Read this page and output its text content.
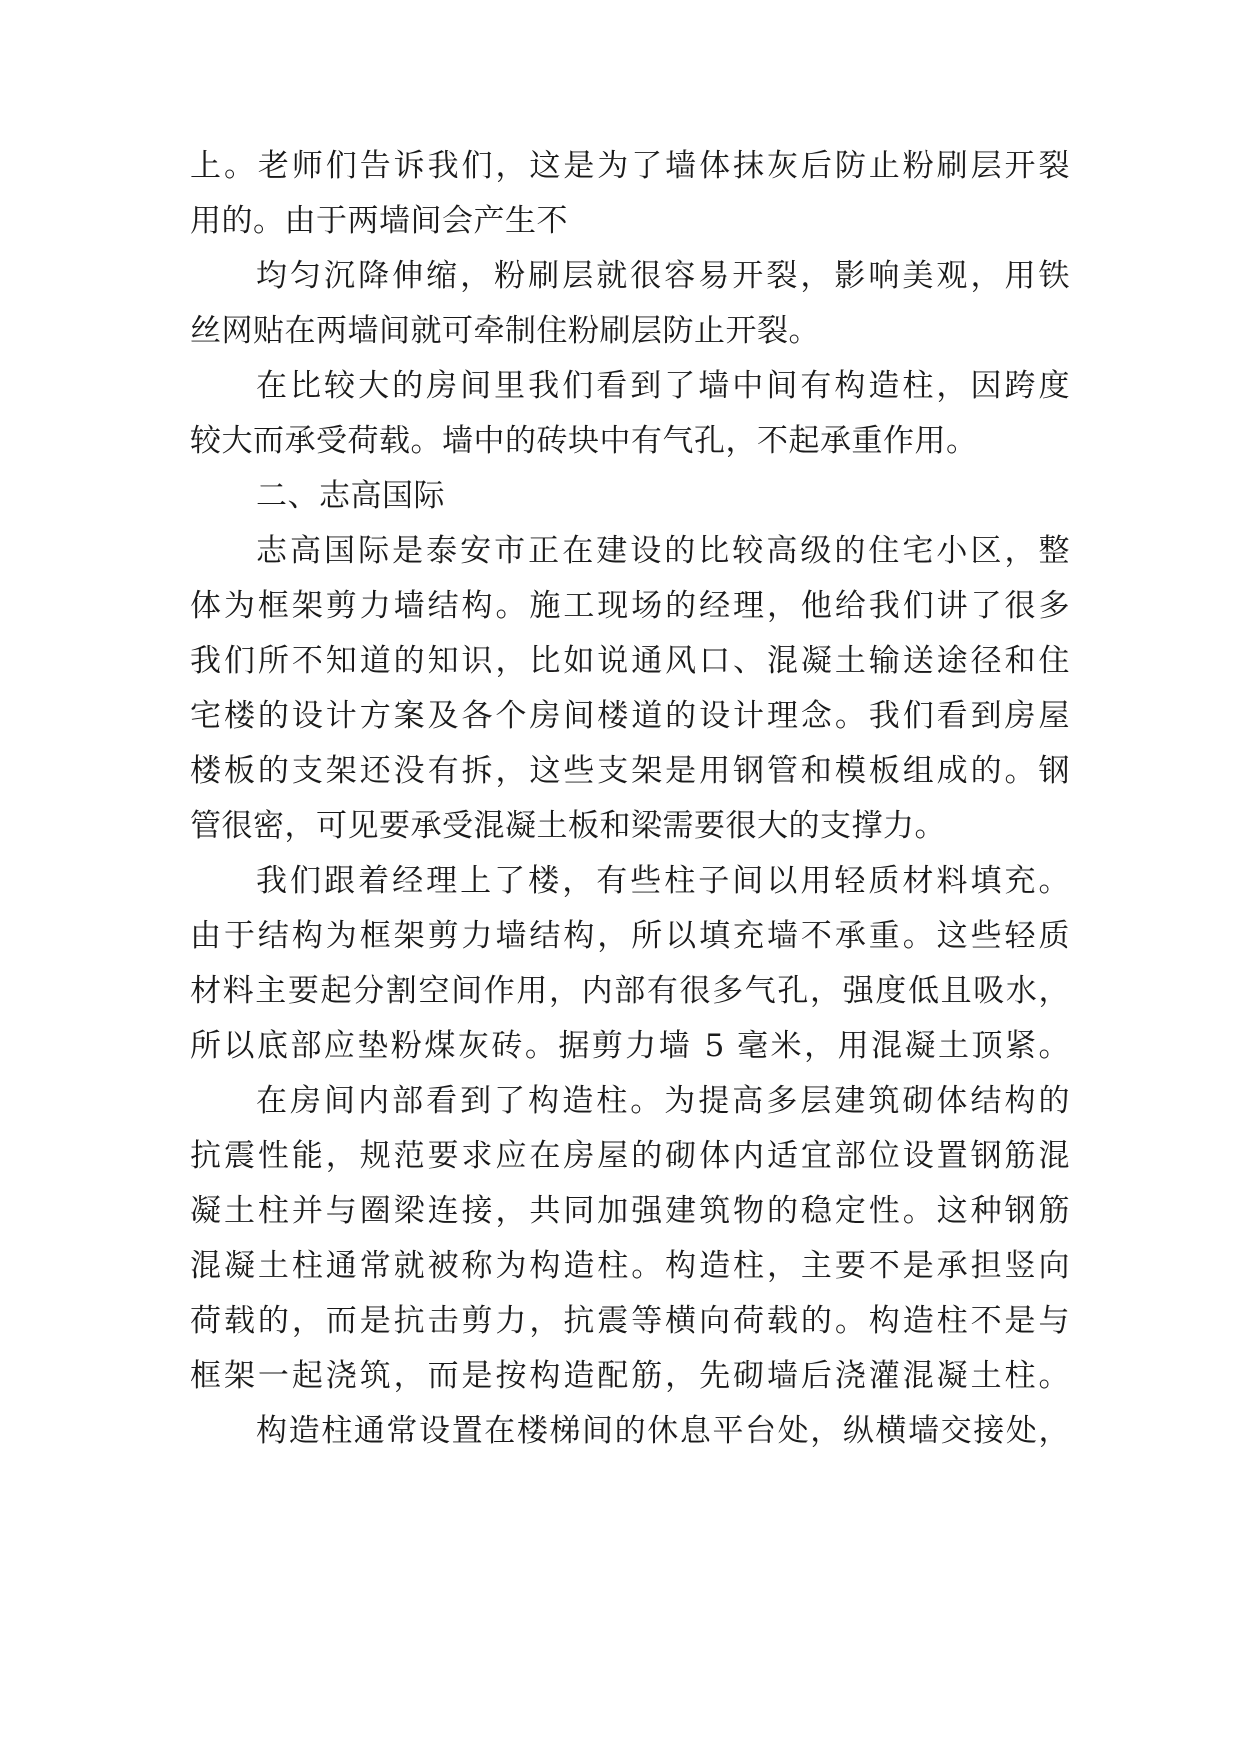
上。老师们告诉我们，这是为了墙体抹灰后防止粉刷层开裂
用的。由于两墙间会产生不
均匀沉降伸缩，粉刷层就很容易开裂，影响美观，用铁
丝网贴在两墙间就可牵制住粉刷层防止开裂。
在比较大的房间里我们看到了墙中间有构造柱，因跨度
较大而承受荷载。墙中的砖块中有气孔，不起承重作用。
二、志高国际
志高国际是泰安市正在建设的比较高级的住宅小区，整
体为框架剪力墙结构。施工现场的经理，他给我们讲了很多
我们所不知道的知识，比如说通风口、混凝土输送途径和住
宅楼的设计方案及各个房间楼道的设计理念。我们看到房屋
楼板的支架还没有拆，这些支架是用钢管和模板组成的。钢
管很密，可见要承受混凝土板和梁需要很大的支撑力。
我们跟着经理上了楼，有些柱子间以用轻质材料填充。
由于结构为框架剪力墙结构，所以填充墙不承重。这些轻质
材料主要起分割空间作用，内部有很多气孔，强度低且吸水，
所以底部应垫粉煤灰砖。据剪力墙 5 毫米，用混凝土顶紧。
在房间内部看到了构造柱。为提高多层建筑砌体结构的
抗震性能，规范要求应在房屋的砌体内适宜部位设置钢筋混
凝土柱并与圈梁连接，共同加强建筑物的稳定性。这种钢筋
混凝土柱通常就被称为构造柱。构造柱，主要不是承担竖向
荷载的，而是抗击剪力，抗震等横向荷载的。构造柱不是与
框架一起浇筑，而是按构造配筋，先砌墙后浇灌混凝土柱。
构造柱通常设置在楼梯间的休息平台处，纵横墙交接处，
